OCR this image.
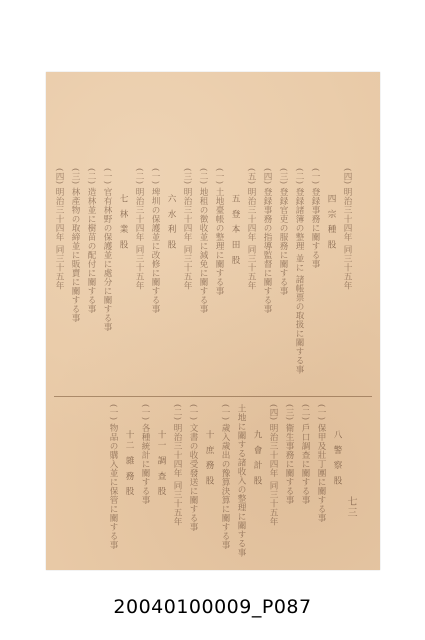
(四) 明治三十四年 同三十五年
四 宗 種 股
(一) 登録事務に關する事
(二) 登録諸簿の整理 並に 諸帳票の取扱に關する事
(三) 登録官吏の服務に關する事
(四) 登録事務の指導監督に關する事
(五) 明治三十四年 同三十五年
五 登 本 田 股
(一) 土地臺帳の整理に關する事
(二) 地租の徴收並に減免に關する事
(三) 明治三十四年 同三十五年
六 水 利 股
(一) 埤圳の保護並に改修に關する事
(二) 明治三十四年 同三十五年
七 林 業 股
(一) 官有林野の保護並に處分に關する事
(二) 造林並に樹苗の配付に關する事
(三) 林產物の取締並に販賣に關する事
(四) 明治三十四年 同三十五年
八 警 察 股
(一) 保甲及壯丁團に關する事
(二) 戶口調查に關する事
(三) 衛生事務に關する事
(四) 明治三十四年 同三十五年
九 會 計 股
土地に關する諸收入の整理に關する事
(一) 歲入歲出の豫算決算に關する事
十 庶 務 股
(一) 文書の收受發送に關する事
(二) 明治三十四年 同三十五年
十一 調 查 股
(一) 各種統計に關する事
十二 雜 務 股
(一) 物品の購入並に保管に關する事	七三
20040100009_P087
